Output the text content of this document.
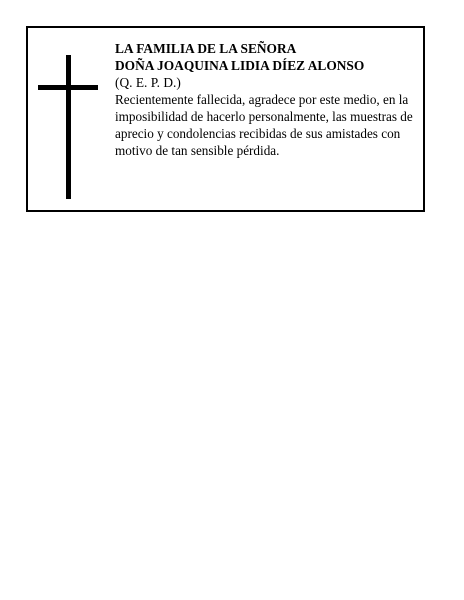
LA FAMILIA DE LA SEÑORA
DOÑA JOAQUINA LIDIA DÍEZ ALONSO
(Q. E. P. D.)

Recientemente fallecida, agradece por este medio, en la imposibilidad de hacerlo personalmente, las muestras de aprecio y condolencias recibidas de sus amistades con motivo de tan sensible pérdida.
